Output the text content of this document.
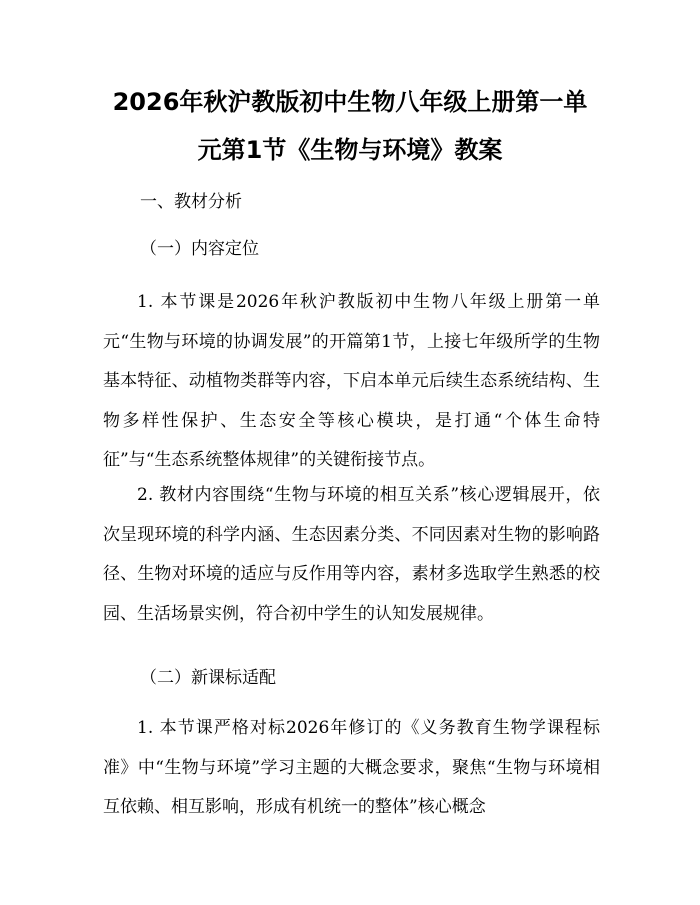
2026年秋沪教版初中生物八年级上册第一单
元第1节《生物与环境》教案
一、教材分析
（一）内容定位

1. 本节课是2026年秋沪教版初中生物八年级上册第一单元“生物与环境的协调发展”的开篇第1节，上接七年级所学的生物基本特征、动植物类群等内容，下启本单元后续生态系统结构、生物多样性保护、生态安全等核心模块，是打通“个体生命特征”与“生态系统整体规律”的关键衔接节点。

2. 教材内容围绕“生物与环境的相互关系”核心逻辑展开，依次呈现环境的科学内涵、生态因素分类、不同因素对生物的影响路径、生物对环境的适应与反作用等内容，素材多选取学生熟悉的校园、生活场景实例，符合初中学生的认知发展规律。

（二）新课标适配

1. 本节课严格对标2026年修订的《义务教育生物学课程标准》中“生物与环境”学习主题的大概念要求，聚焦“生物与环境相互依赖、相互影响，形成有机统一的整体”核心概念
